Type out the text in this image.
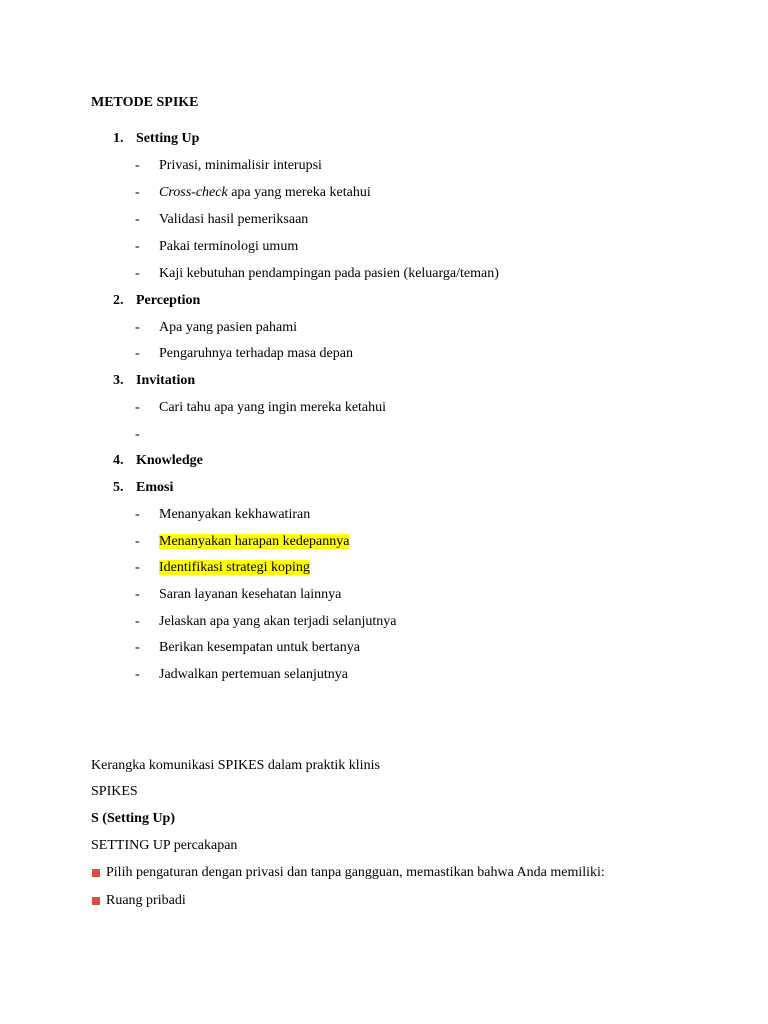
METODE SPIKE
1. Setting Up
- Privasi, minimalisir interupsi
- Cross-check apa yang mereka ketahui
- Validasi hasil pemeriksaan
- Pakai terminologi umum
- Kaji kebutuhan pendampingan pada pasien (keluarga/teman)
2. Perception
- Apa yang pasien pahami
- Pengaruhnya terhadap masa depan
3. Invitation
- Cari tahu apa yang ingin mereka ketahui
-
4. Knowledge
5. Emosi
- Menanyakan kekhawatiran
- Menanyakan harapan kedepannya
- Identifikasi strategi koping
- Saran layanan kesehatan lainnya
- Jelaskan apa yang akan terjadi selanjutnya
- Berikan kesempatan untuk bertanya
- Jadwalkan pertemuan selanjutnya
Kerangka komunikasi SPIKES dalam praktik klinis
SPIKES
S (Setting Up)
SETTING UP percakapan
Pilih pengaturan dengan privasi dan tanpa gangguan, memastikan bahwa Anda memiliki:
Ruang pribadi
